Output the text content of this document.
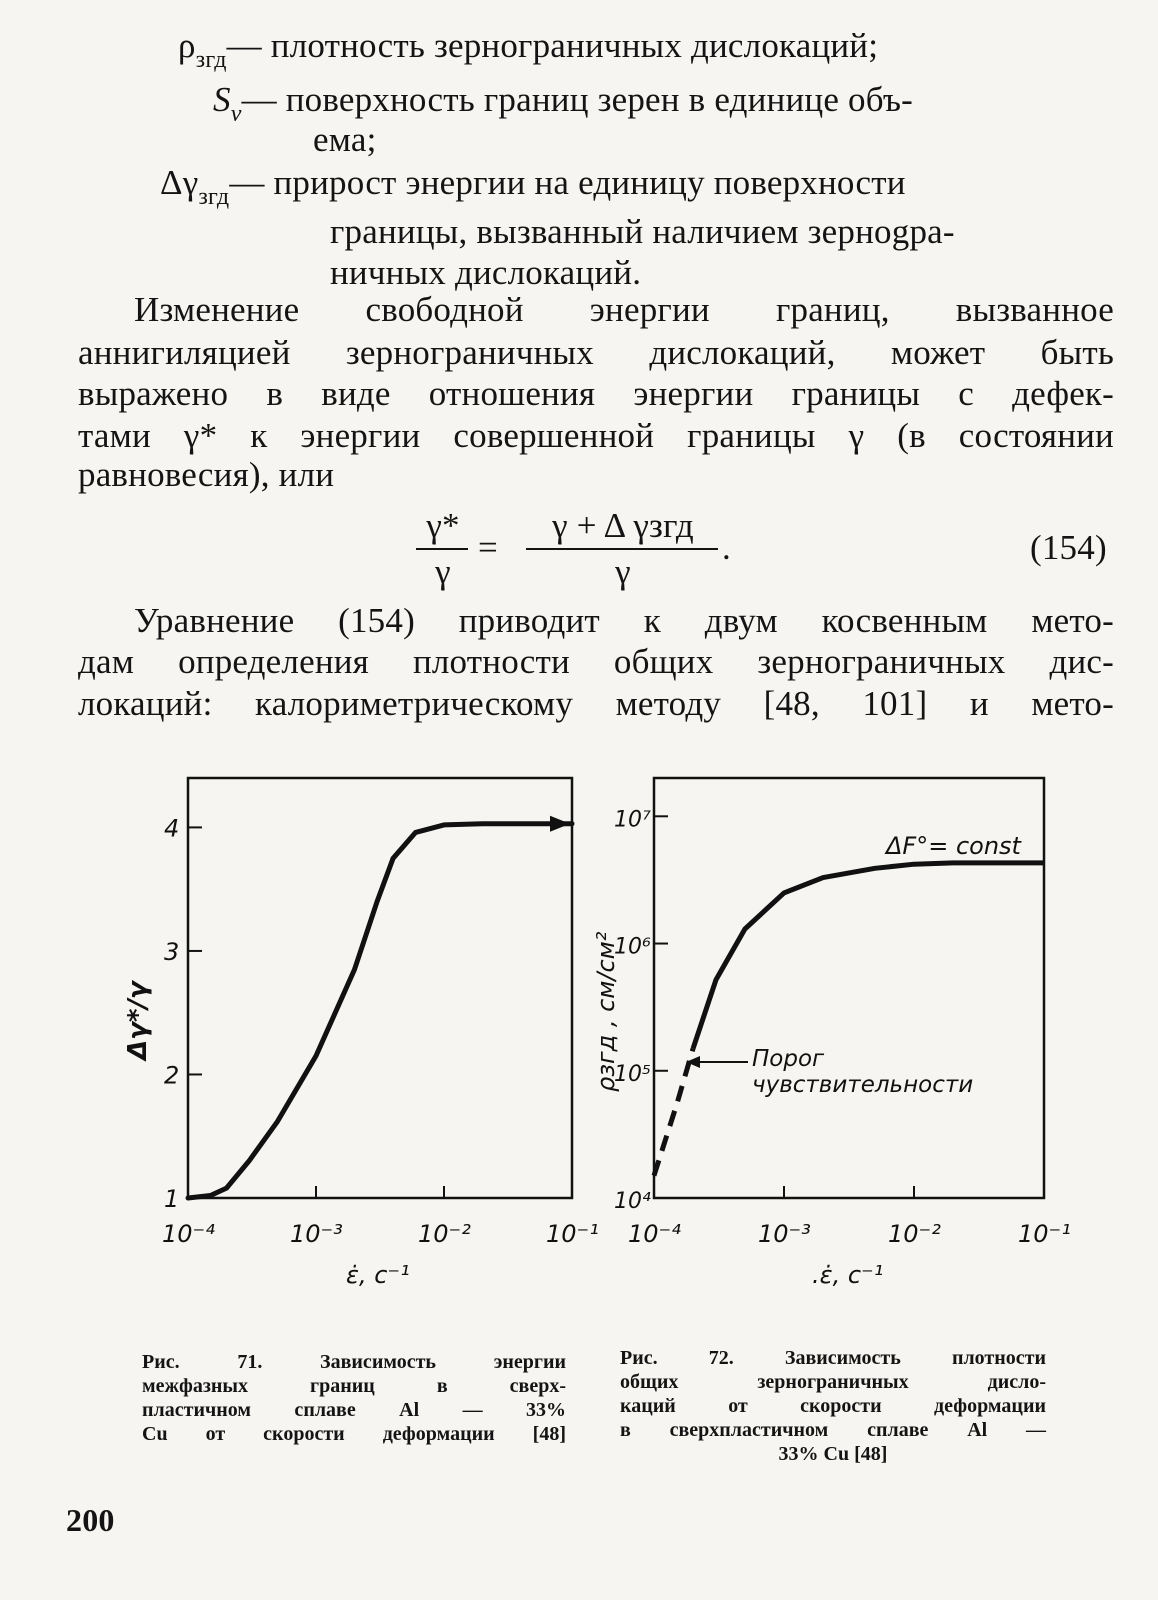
$\rho_{згд}—$ плотность зернограничных дислокаций;
$S_v—$ поверхность границ зерен в единице объ-
ема;
$\Delta\gamma_{згд}—$ прирост энергии на единицу поверхности
границы, вызванный наличием зернogра-
ничных дислокаций.
Изменение свободной энергии границ, вызванное
аннигиляцией зернограничных дислокаций, может быть
выражено в виде отношения энергии границы с дефек-
тами γ* к энергии совершенной границы γ (в состоянии
равновесия), или
γ*
γ
=
γ + Δ γзгд
γ
.	(154)
Уравнение (154) приводит к двум косвенным мето-
дам определения плотности общих зернограничных дис-
локаций: калориметрическому методу [48, 101] и мето-
10⁻⁴	10⁻³	10⁻²	10⁻¹
1
2
3
4
10⁻⁴	10⁻³	10⁻²	10⁻¹
10⁴
10⁵
10⁶
10⁷
Δγ*/γ
ε̇, c⁻¹
ρзгд , см/см²
.ε̇, c⁻¹
ΔF°= const
Порог
чувствительности
Рис. 71. Зависимость энергии
межфазных границ в сверх-
пластичном сплаве Al — 33%
Cu от скорости деформации [48]
Рис. 72. Зависимость плотности
общих зернограничных дисло-
каций от скорости деформации
в сверхпластичном сплаве Al —
33% Cu [48]
200
